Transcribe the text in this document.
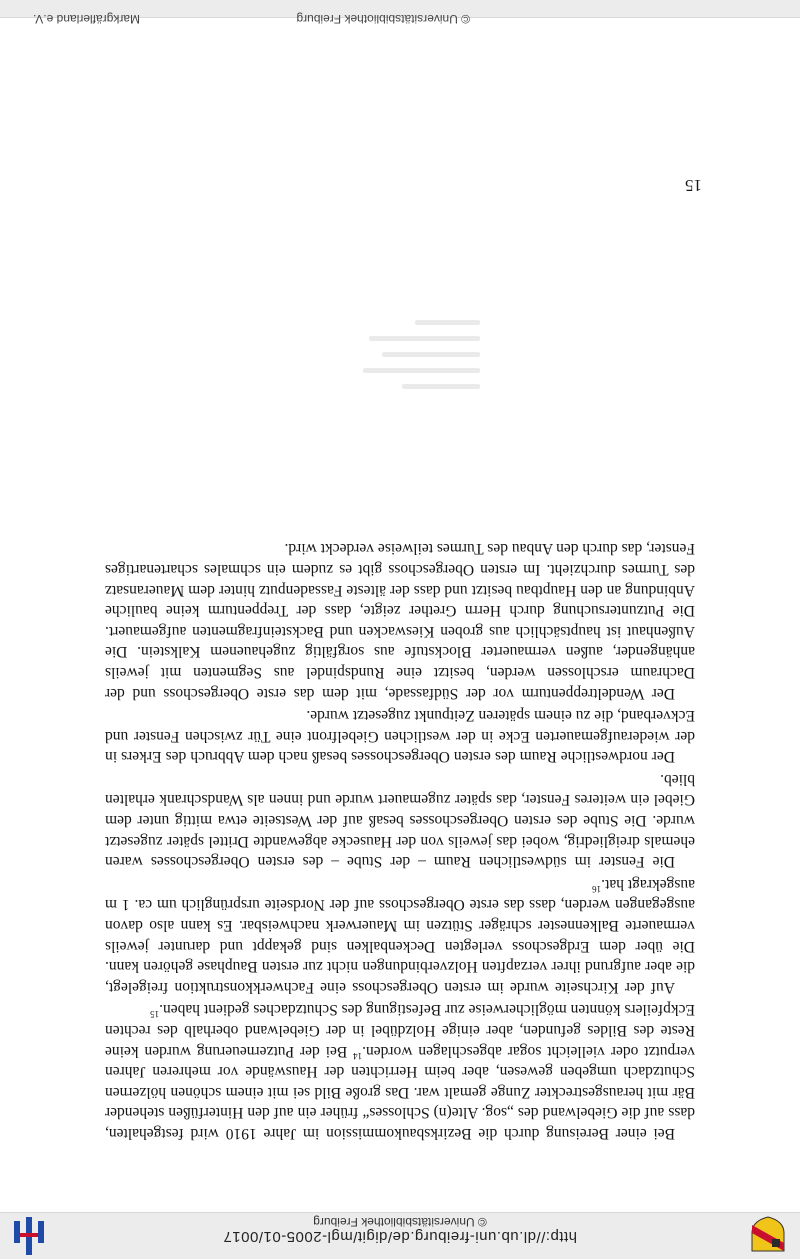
http://dl.ub.uni-freiburg.de/digit/mgl-2005-01/0017
© Universitätsbibliothek Freiburg

Bei einer Bereisung durch die Bezirksbaukommission im Jahre 1910 wird festgehalten, dass auf die Giebelwand des „sog. Alte(n) Schlosses“ früher ein auf den Hinterfüßen stehender Bär mit herausgestreckter Zunge gemalt war. Das große Bild sei mit einem schönen hölzernen Schutzdach umgeben gewesen, aber beim Herrichten der Hauswände vor mehreren Jahren verputzt oder vielleicht sogar abgeschlagen worden.$^{14}$ Bei der Putzerneuerung wurden keine Reste des Bildes gefunden, aber einige Holzdübel in der Giebelwand oberhalb des rechten Eckpfeilers könnten möglicherweise zur Befestigung des Schutzdaches gedient haben.$^{15}$

Auf der Kirchseite wurde im ersten Obergeschoss eine Fachwerkkonstruktion freigelegt, die aber aufgrund ihrer verzapften Holzverbindungen nicht zur ersten Bauphase gehören kann. Die über dem Erdgeschoss verlegten Deckenbalken sind gekappt und darunter jeweils vermauerte Balkennester schräger Stützen im Mauerwerk nachweisbar. Es kann also davon ausgegangen werden, dass das erste Obergeschoss auf der Nordseite ursprünglich um ca. 1 m ausgekragt hat.$^{16}$

Die Fenster im südwestlichen Raum – der Stube – des ersten Obergeschosses waren ehemals dreigliedrig, wobei das jeweils von der Hausecke abgewandte Drittel später zugesetzt wurde. Die Stube des ersten Obergeschosses besaß auf der Westseite etwa mittig unter dem Giebel ein weiteres Fenster, das später zugemauert wurde und innen als Wandschrank erhalten blieb.

Der nordwestliche Raum des ersten Obergeschosses besaß nach dem Abbruch des Erkers in der wiederaufgemauerten Ecke in der westlichen Giebelfront eine Tür zwischen Fenster und Eckverband, die zu einem späteren Zeitpunkt zugesetzt wurde.

Der Wendeltreppenturm vor der Südfassade, mit dem das erste Obergeschoss und der Dachraum erschlossen werden, besitzt eine Rundspindel aus Segmenten mit jeweils anhängender, außen vermauerter Blockstufe aus sorgfältig zugehauenem Kalkstein. Die Außenhaut ist hauptsächlich aus groben Kieswacken und Backsteinfragmenten aufgemauert. Die Putzuntersuchung durch Herrn Grether zeigte, dass der Treppenturm keine bauliche Anbindung an den Hauptbau besitzt und dass der älteste Fassadenputz hinter dem Maueransatz des Turmes durchzieht. Im ersten Obergeschoss gibt es zudem ein schmales schartenartiges Fenster, das durch den Anbau des Turmes teilweise verdeckt wird.

15
© Universitätsbibliothek Freiburg
Markgräflerland e.V.
